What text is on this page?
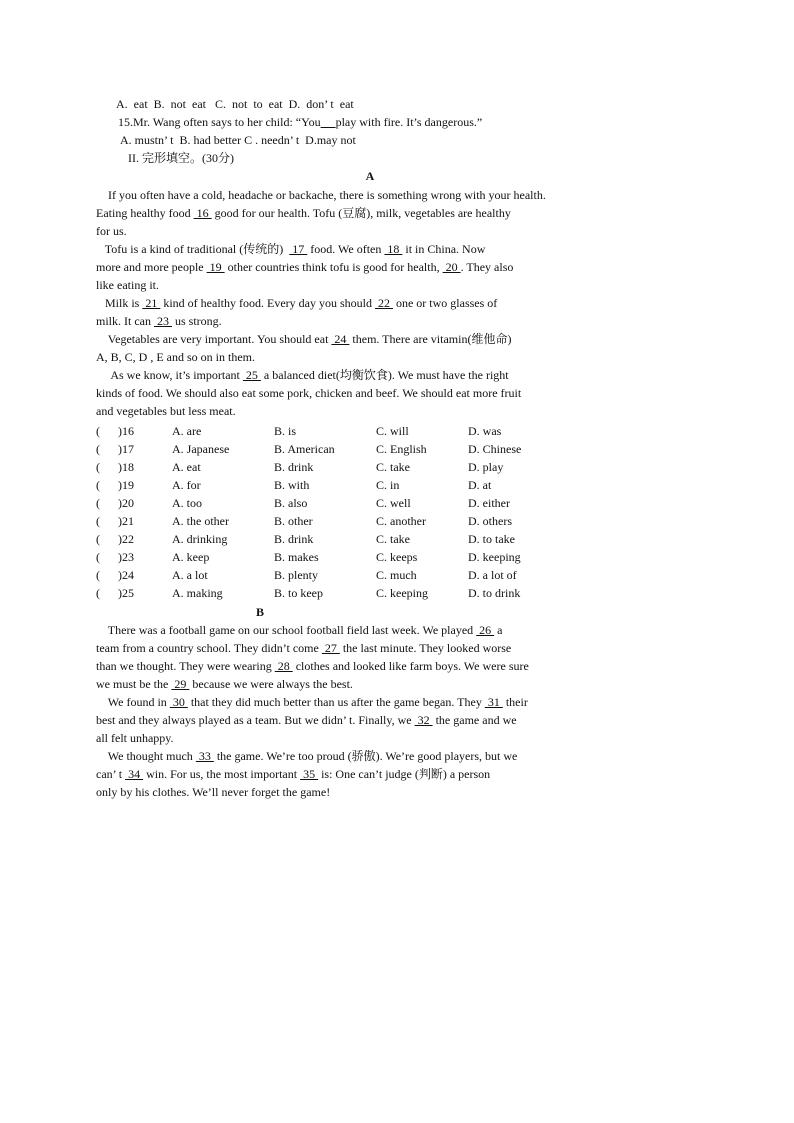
A.  eat  B.  not  eat   C.  not  to  eat  D.  don’ t  eat
15.Mr. Wang often says to her child: “You play with fire. It’s dangerous.”
A. mustn’ t  B. had better C . needn’ t  D.may not
II. 完形填空。(30分)
A
If you often have a cold, headache or backache, there is something wrong with your health.
Eating healthy food  16  good for our health. Tofu (豆腐), milk, vegetables are healthy
for us.
Tofu is a kind of traditional (传统的)   17  food. We often  18  it in China. Now
more and more people  19  other countries think tofu is good for health,  20 . They also
like eating it.
Milk is  21  kind of healthy food. Every day you should  22  one or two glasses of
milk. It can  23  us strong.
Vegetables are very important. You should eat  24  them. There are vitamin(维他命)
A, B, C, D , E and so on in them.
As we know, it’s important  25  a balanced diet(均衡饮食). We must have the right
kinds of food. We should also eat some pork, chicken and beef. We should eat more fruit
and vegetables but less meat.
(      )16	A. are	B. is	C. will	D. was
(      )17	A. Japanese	B. American	C. English	D. Chinese
(      )18	A. eat	B. drink	C. take	D. play
(      )19	A. for	B. with	C. in	D. at
(      )20	A. too	B. also	C. well	D. either
(      )21	A. the other	B. other	C. another	D. others
(      )22	A. drinking	B. drink	C. take	D. to take
(      )23	A. keep	B. makes	C. keeps	D. keeping
(      )24	A. a lot	B. plenty	C. much	D. a lot of
(      )25	A. making	B. to keep	C. keeping	D. to drink
B
There was a football game on our school football field last week. We played  26  a
team from a country school. They didn’t come  27  the last minute. They looked worse
than we thought. They were wearing  28  clothes and looked like farm boys. We were sure
we must be the  29  because we were always the best.
We found in  30  that they did much better than us after the game began. They  31  their
best and they always played as a team. But we didn’ t. Finally, we  32  the game and we
all felt unhappy.
We thought much  33  the game. We’re too proud (骄傲). We’re good players, but we
can’ t  34  win. For us, the most important  35  is: One can’t judge (判断) a person
only by his clothes. We’ll never forget the game!
